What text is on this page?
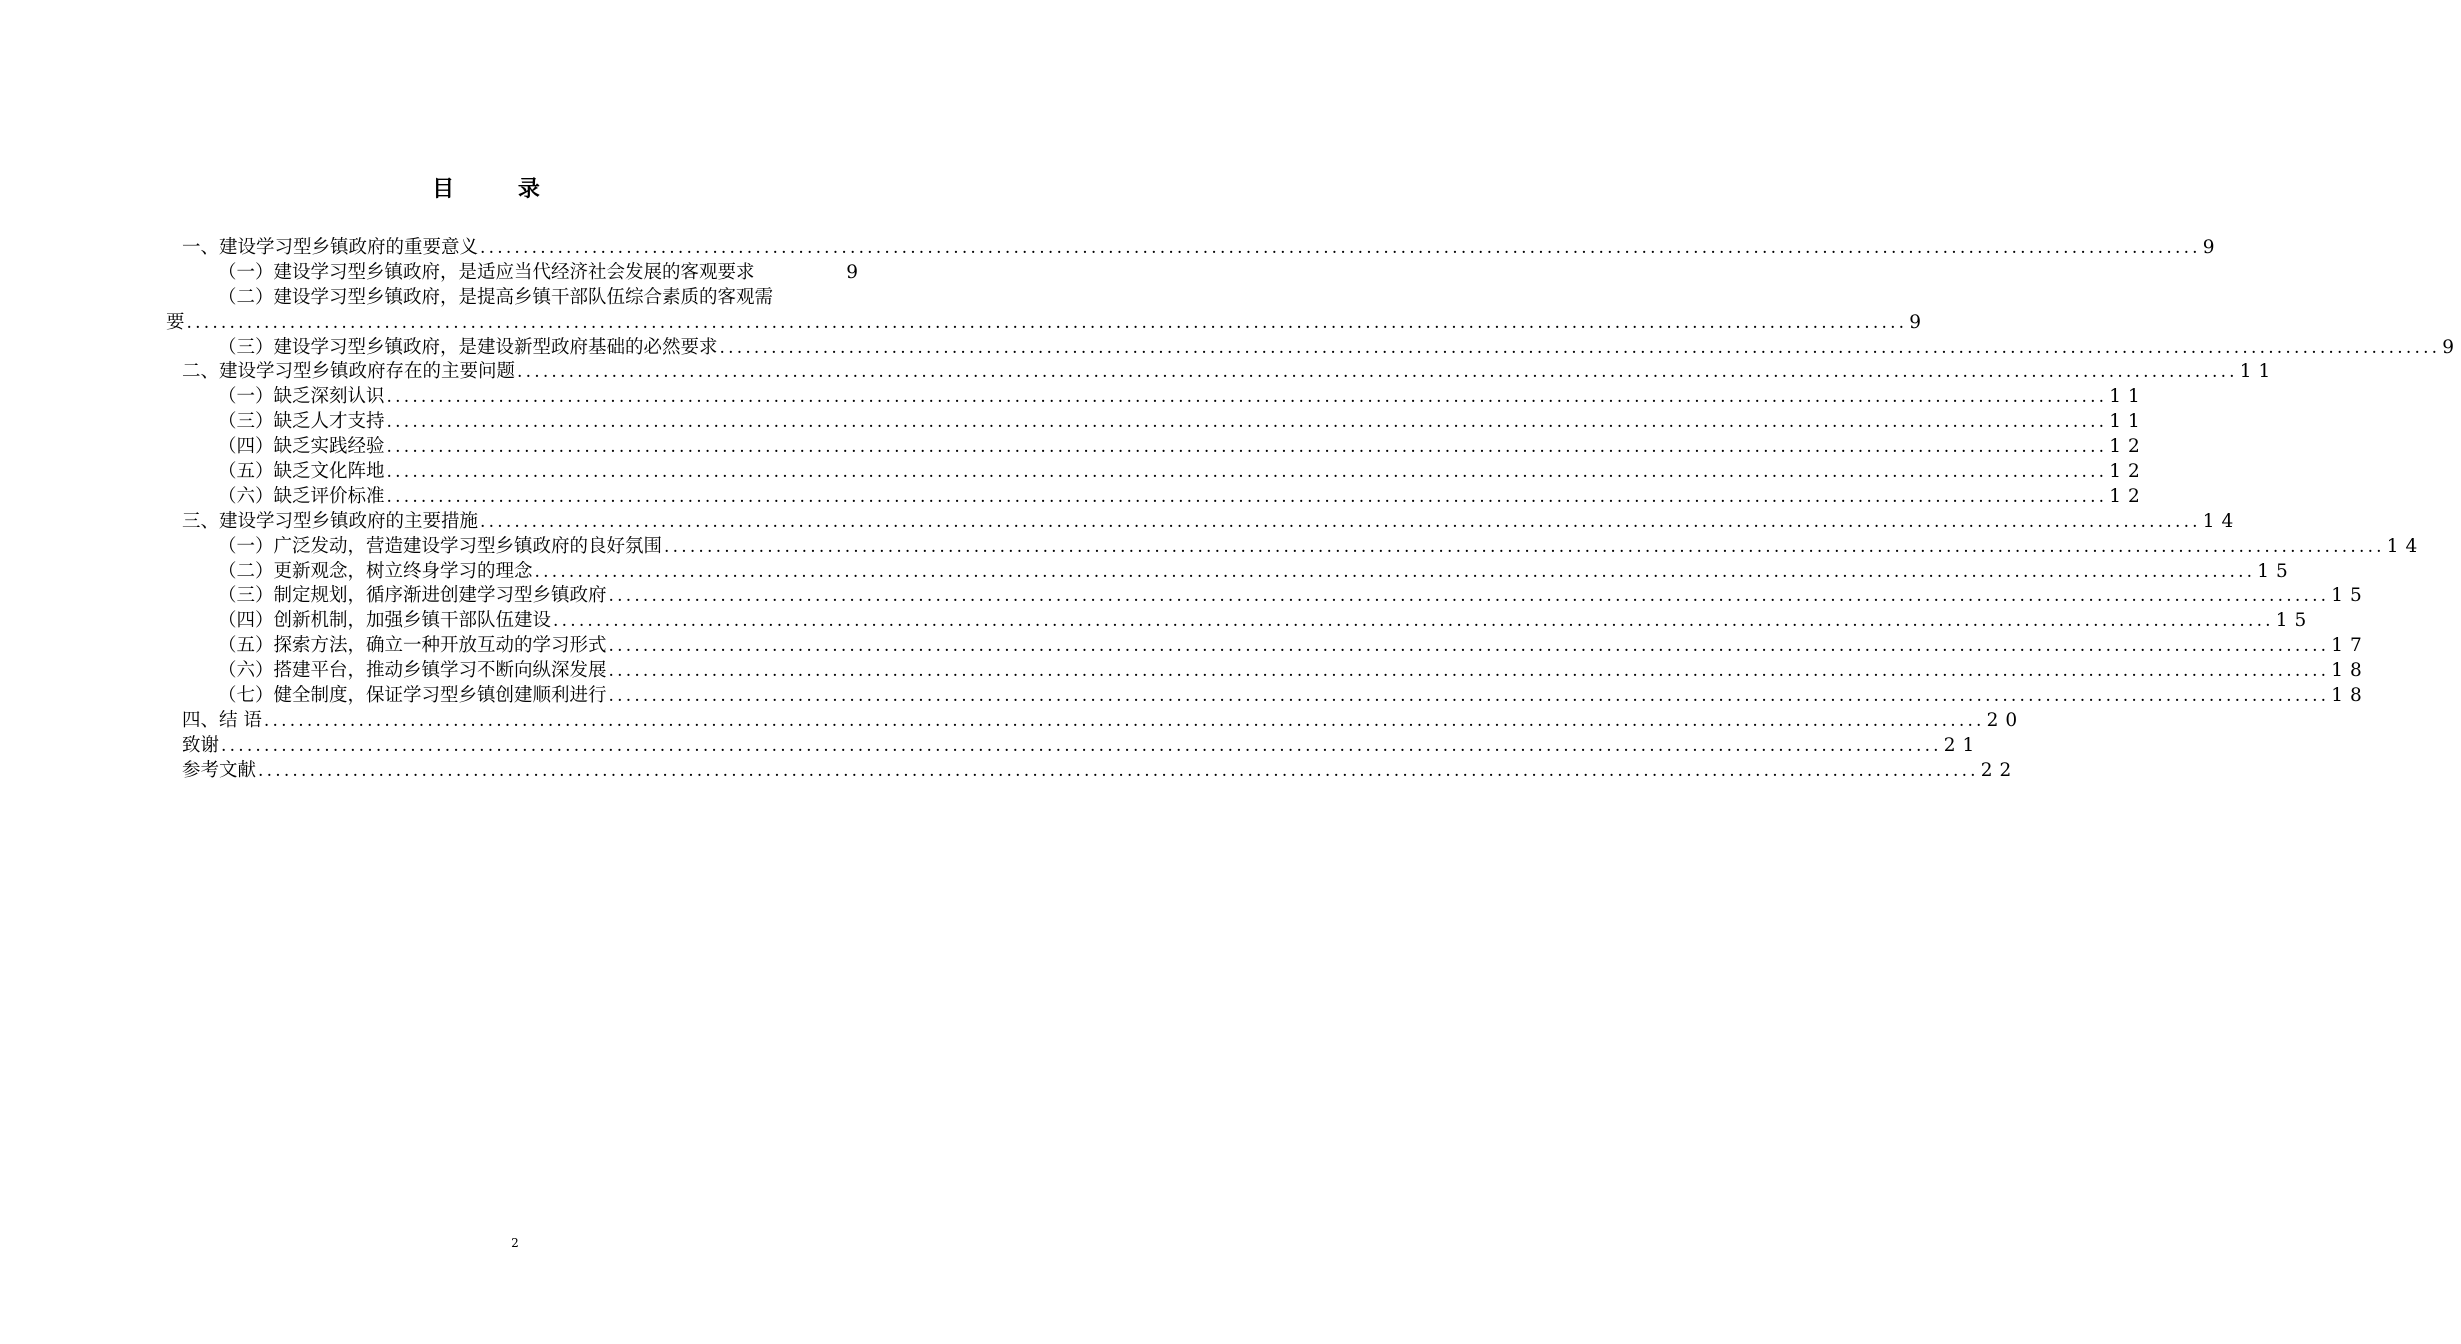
目 录
一、建设学习型乡镇政府的重要意义 ........................................................................................................................................................................................................ 9
（一）建设学习型乡镇政府，是适应当代经济社会发展的客观要求	9
（二）建设学习型乡镇政府，是提高乡镇干部队伍综合素质的客观需
要 ........................................................................................................................................................................................................ 9
（三）建设学习型乡镇政府，是建设新型政府基础的必然要求 ........................................................................................................................................................................................................ 9
二、建设学习型乡镇政府存在的主要问题 ........................................................................................................................................................................................................ 11
（一）缺乏深刻认识 ........................................................................................................................................................................................................ 11
（三）缺乏人才支持 ........................................................................................................................................................................................................ 11
（四）缺乏实践经验 ........................................................................................................................................................................................................ 12
（五）缺乏文化阵地 ........................................................................................................................................................................................................ 12
（六）缺乏评价标准 ........................................................................................................................................................................................................ 12
三、建设学习型乡镇政府的主要措施 ........................................................................................................................................................................................................ 14
（一）广泛发动，营造建设学习型乡镇政府的良好氛围 ........................................................................................................................................................................................................ 14
（二）更新观念，树立终身学习的理念 ........................................................................................................................................................................................................ 15
（三）制定规划，循序渐进创建学习型乡镇政府 ........................................................................................................................................................................................................ 15
（四）创新机制，加强乡镇干部队伍建设 ........................................................................................................................................................................................................ 15
（五）探索方法，确立一种开放互动的学习形式 ........................................................................................................................................................................................................ 17
（六）搭建平台，推动乡镇学习不断向纵深发展 ........................................................................................................................................................................................................ 18
（七）健全制度，保证学习型乡镇创建顺利进行 ........................................................................................................................................................................................................ 18
四、结 语 ........................................................................................................................................................................................................ 20
致谢 ........................................................................................................................................................................................................ 21
参考文献 ........................................................................................................................................................................................................ 22
2
